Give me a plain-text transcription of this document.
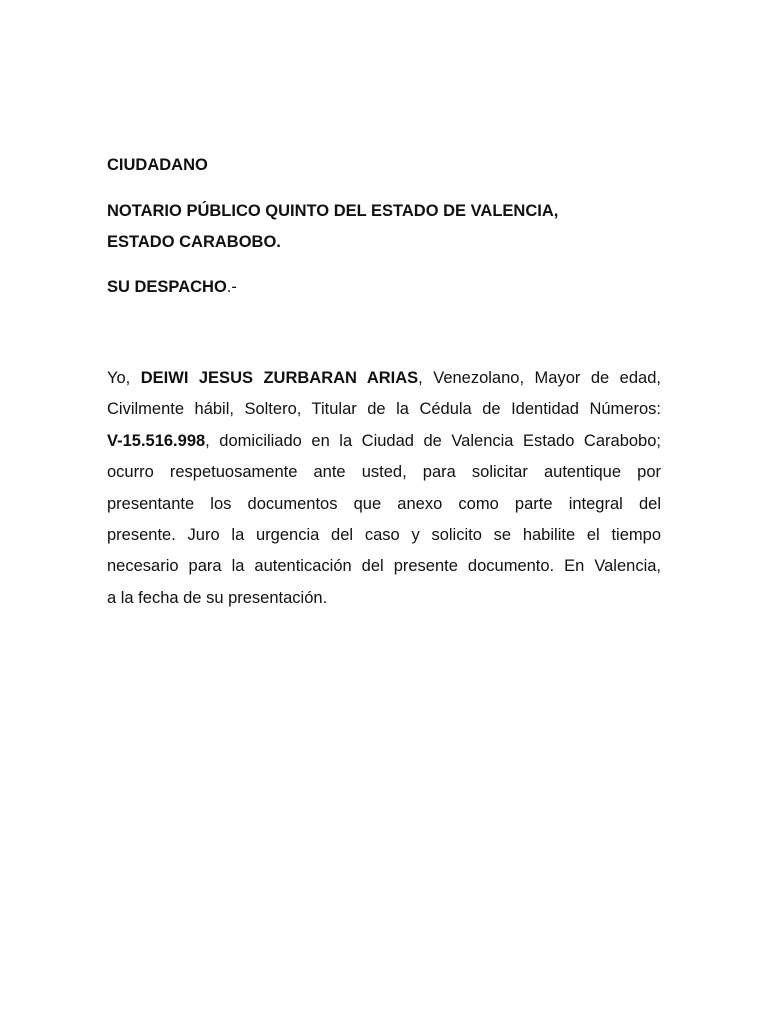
CIUDADANO

NOTARIO PÚBLICO QUINTO DEL ESTADO DE VALENCIA,

ESTADO CARABOBO.

SU DESPACHO.-

Yo, DEIWI JESUS ZURBARAN ARIAS, Venezolano, Mayor de edad,
Civilmente hábil, Soltero, Titular de la Cédula de Identidad Números:
V-15.516.998, domiciliado en la Ciudad de Valencia Estado Carabobo;
ocurro respetuosamente ante usted, para solicitar autentique por
presentante los documentos que anexo como parte integral del
presente. Juro la urgencia del caso y solicito se habilite el tiempo
necesario para la autenticación del presente documento. En Valencia,
a la fecha de su presentación.
